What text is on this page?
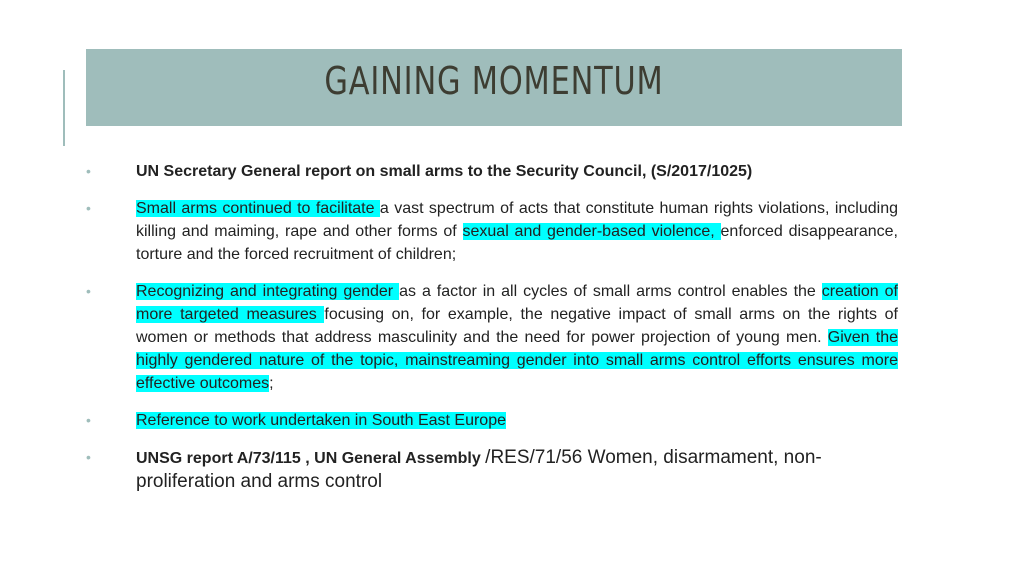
GAINING MOMENTUM
•	UN Secretary General report on small arms to the Security Council, (S/2017/1025)
•	Small arms continued to facilitate a vast spectrum of acts that constitute human rights violations, including killing and maiming, rape and other forms of sexual and gender-based violence, enforced disappearance, torture and the forced recruitment of children;
•	Recognizing and integrating gender as a factor in all cycles of small arms control enables the creation of more targeted measures focusing on, for example, the negative impact of small arms on the rights of women or methods that address masculinity and the need for power projection of young men. Given the highly gendered nature of the topic, mainstreaming gender into small arms control efforts ensures more effective outcomes;
•	Reference to work undertaken in South East Europe
•	UNSG report A/73/115 , UN General Assembly /RES/71/56 Women, disarmament, non-proliferation and arms control
